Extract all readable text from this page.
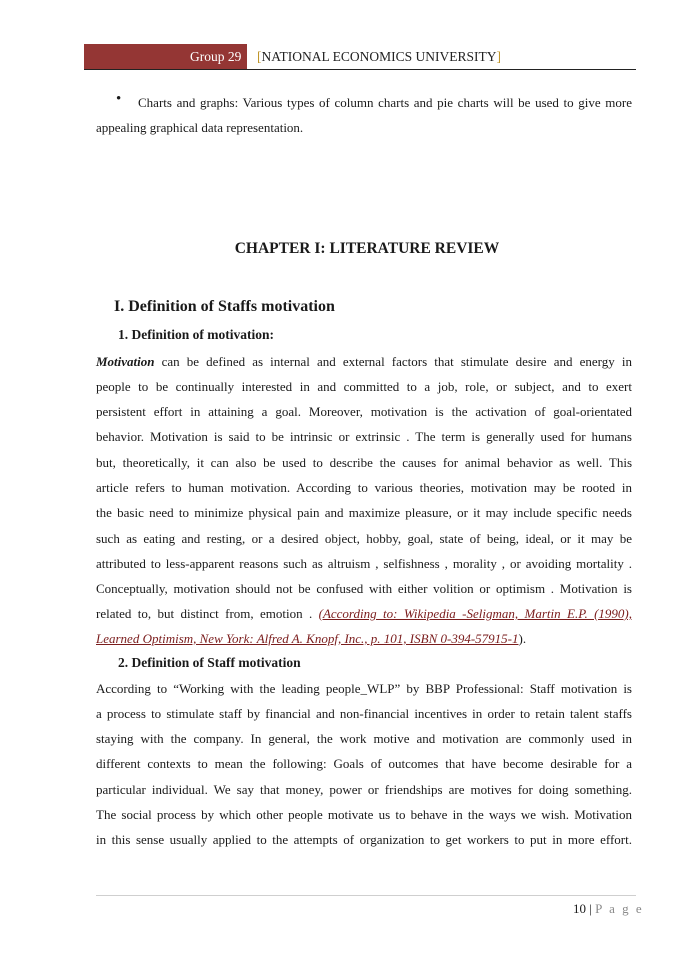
Group 29 [NATIONAL ECONOMICS UNIVERSITY]
•	Charts and graphs: Various types of column charts and pie charts will be used to give more appealing graphical data representation.
CHAPTER I: LITERATURE REVIEW
I. Definition of Staffs motivation
1. Definition of motivation:
Motivation can be defined as internal and external factors that stimulate desire and energy in
people to be continually interested in and committed to a job, role, or subject, and to exert
persistent effort in attaining a goal. Moreover, motivation is the activation of goal-orientated
behavior. Motivation is said to be intrinsic or extrinsic . The term is generally used for humans
but, theoretically, it can also be used to describe the causes for animal behavior as well. This
article refers to human motivation. According to various theories, motivation may be rooted in
the basic need to minimize physical pain and maximize pleasure, or it may include specific needs
such as eating and resting, or a desired object, hobby, goal, state of being, ideal, or it may be
attributed to less-apparent reasons such as altruism , selfishness , morality , or avoiding mortality .
Conceptually, motivation should not be confused with either volition or optimism . Motivation is
related to, but distinct from, emotion . (According to: Wikipedia -Seligman, Martin E.P. (1990),
Learned Optimism, New York: Alfred A. Knopf, Inc., p. 101, ISBN 0-394-57915-1).
2. Definition of Staff motivation
According to “Working with the leading people_WLP” by BBP Professional: Staff motivation is
a process to stimulate staff by financial and non-financial incentives in order to retain talent staffs
staying with the company. In general, the work motive and motivation are commonly used in
different contexts to mean the following: Goals of outcomes that have become desirable for a
particular individual. We say that money, power or friendships are motives for doing something.
The social process by which other people motivate us to behave in the ways we wish. Motivation
in this sense usually applied to the attempts of organization to get workers to put in more effort.
10 | P a g e
